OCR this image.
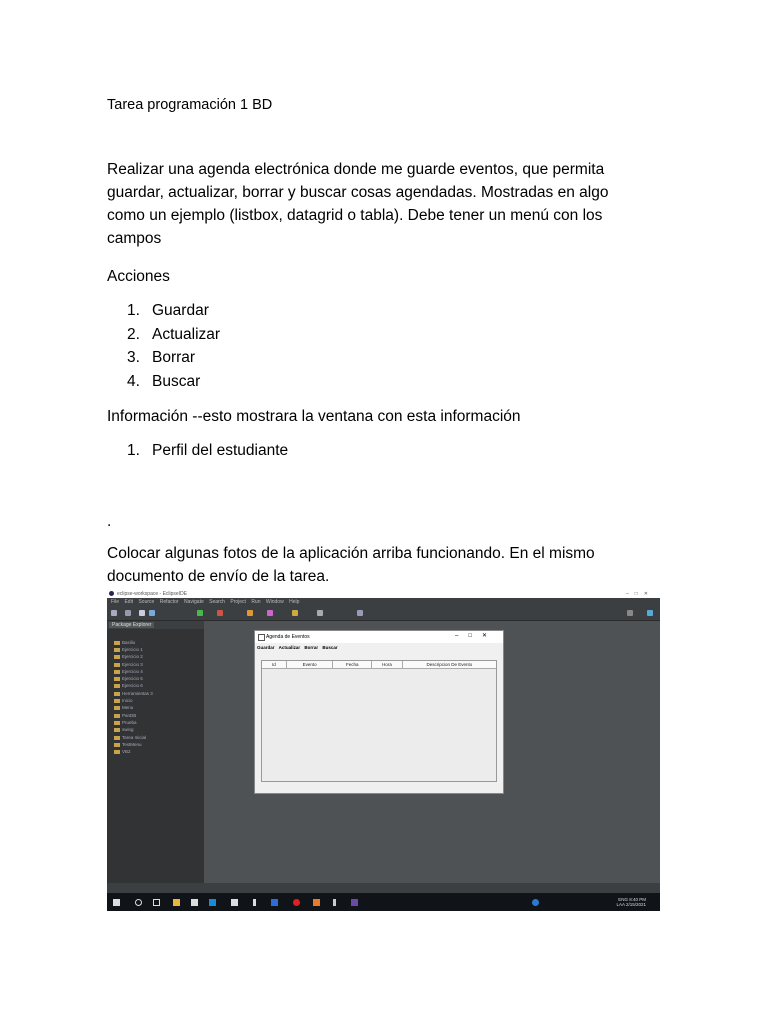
Tarea programación 1 BD
Realizar una agenda electrónica donde me guarde eventos, que permita guardar, actualizar, borrar y buscar cosas agendadas. Mostradas en algo como un ejemplo (listbox, datagrid o tabla). Debe tener un menú con los campos
Acciones
1. Guardar
2. Actualizar
3. Borrar
4. Buscar
Información --esto mostrara la ventana con esta información
1. Perfil del estudiante
.
Colocar algunas fotos de la aplicación arriba funcionando. En el mismo documento de envío de la tarea.
eclipse-workspace - EclipseIDE	–□✕
File Edit Source Refactor Navigate Search Project Run Window Help
Package Explorer
Basilio
Ejercicio 1
Ejercicio 2
Ejercicio 3
Ejercicio 4
Ejercicio 5
Ejercicio 6
Herramientas 3
Inicio
Menu
PanDB
Prueba
swing
Tarea Inicial
TestMenu
VB2
Agenda de Eventos	–□✕
Guardar Actualizar Borrar Buscar
Id	Evento	Fecha	Hora	Descripcion De Evento
ENG 8:40 PM
LAA 2/15/2021
